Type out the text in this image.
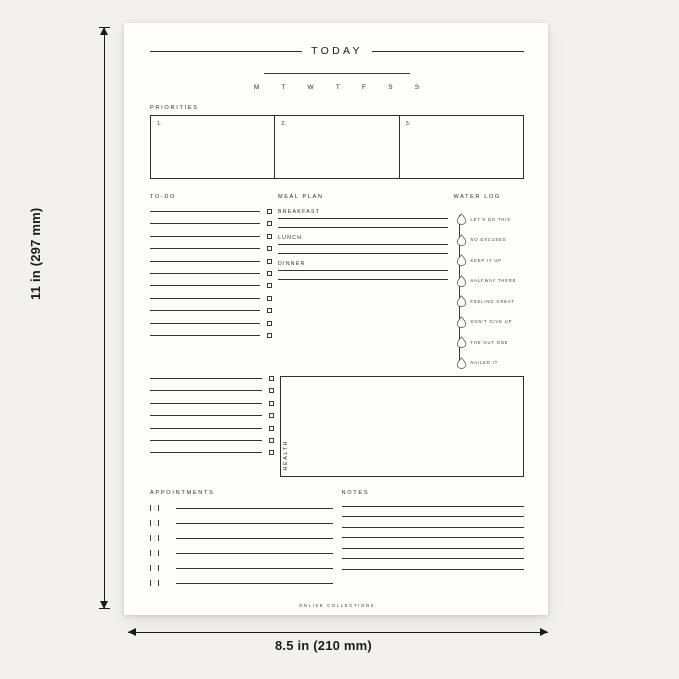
11 in (297 mm)
8.5 in (210 mm)
TODAY
M	T	W	T	F	S	S
PRIORITIES
1.	2.	3.
TO-DO	MEAL PLAN
BREAKFAST
LUNCH
DINNER
WATER LOG
LET'S DO THIS
NO EXCUSES
KEEP IT UP
HALFWAY THERE
FEELING GREAT
DON'T GIVE UP
THE GUT ONE
NAILED IT
HEALTH
APPOINTMENTS
:
:
:
:
:
:
NOTES
ONLISE COLLECTIONS
